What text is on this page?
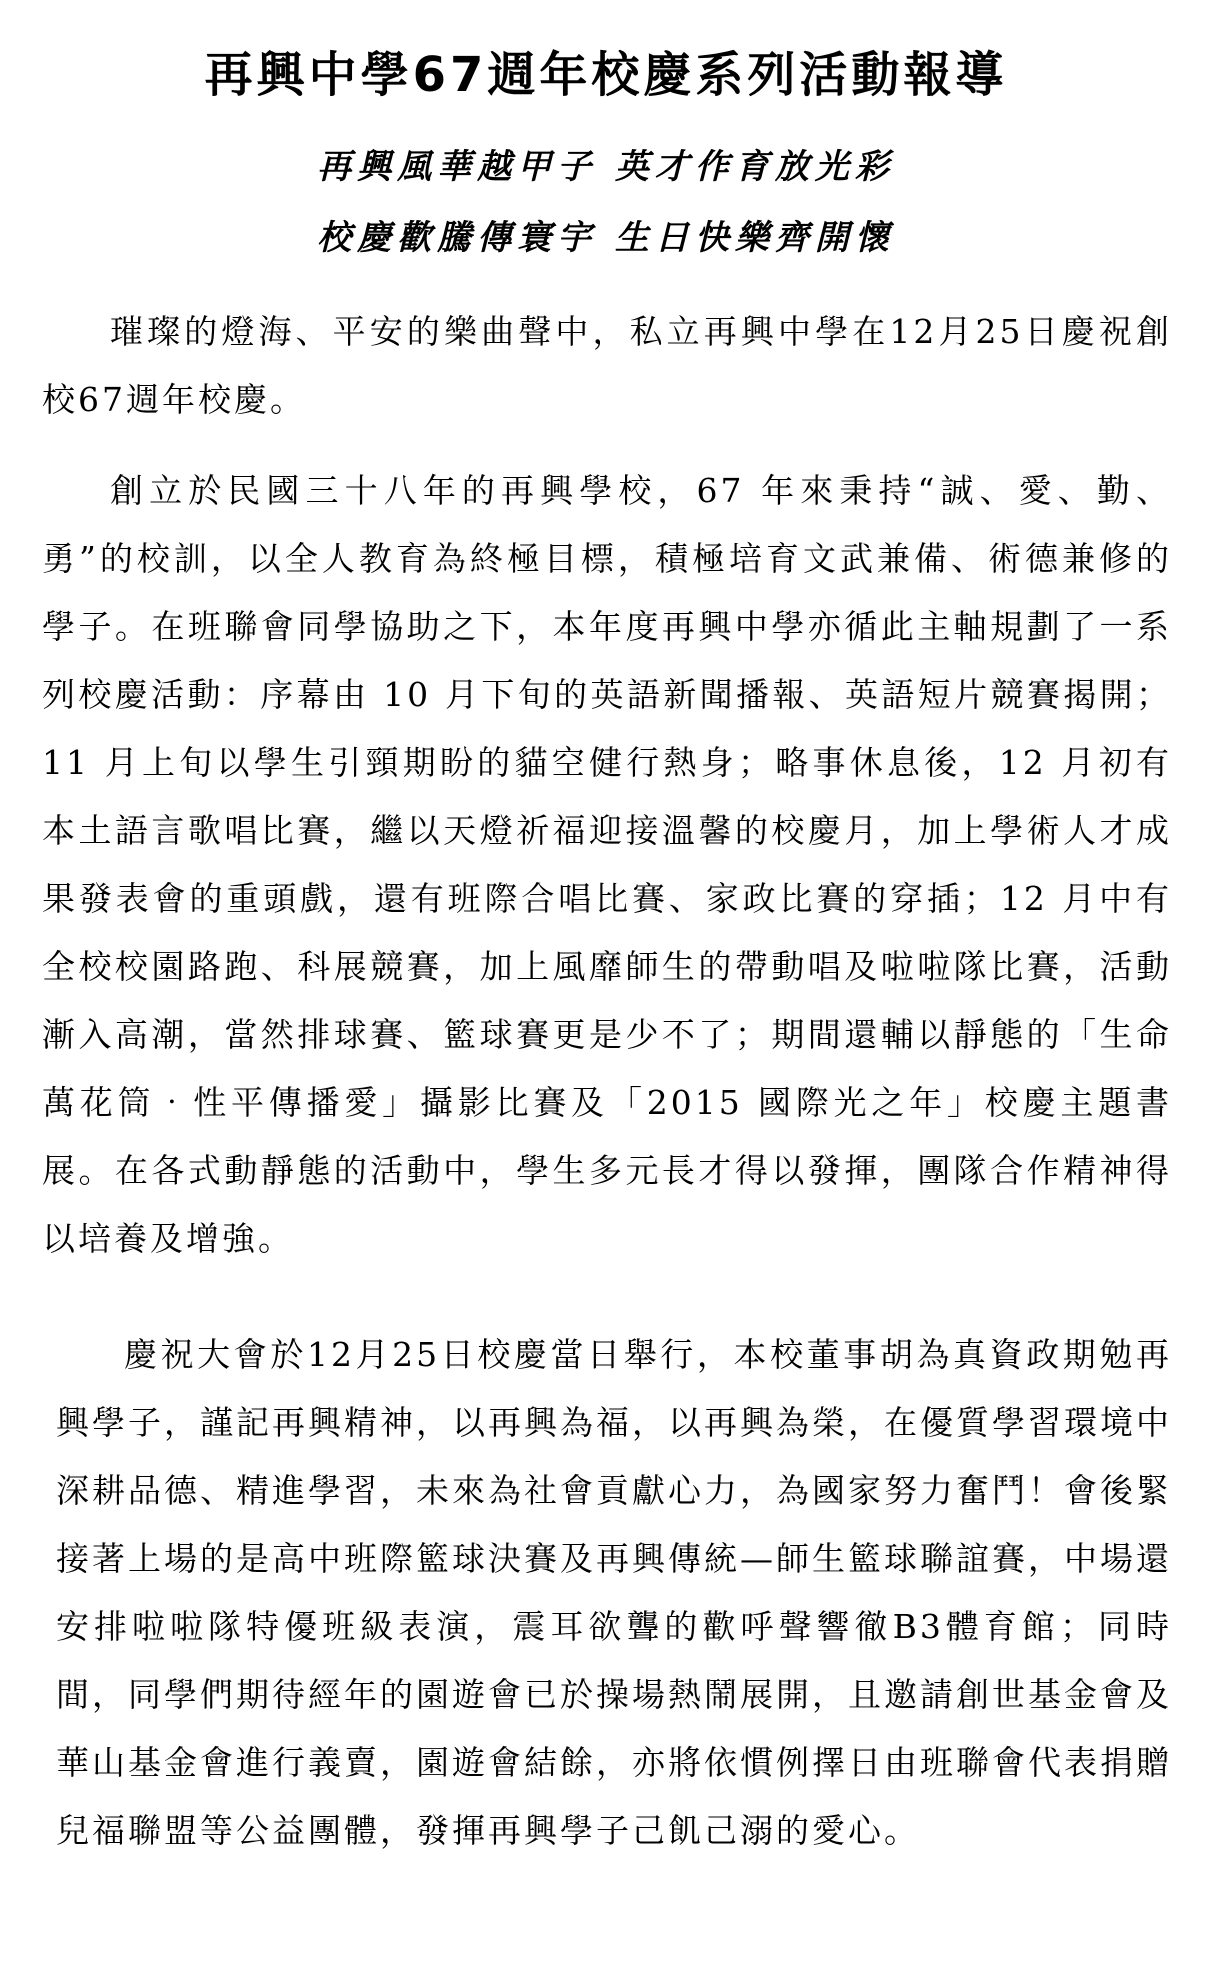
再興中學67週年校慶系列活動報導

再興風華越甲子 英才作育放光彩

校慶歡騰傳寰宇 生日快樂齊開懷

璀璨的燈海、平安的樂曲聲中，私立再興中學在12月25日慶祝創校67週年校慶。

創立於民國三十八年的再興學校，67 年來秉持“誠、愛、勤、勇”的校訓，以全人教育為終極目標，積極培育文武兼備、術德兼修的學子。在班聯會同學協助之下，本年度再興中學亦循此主軸規劃了一系列校慶活動：序幕由 10 月下旬的英語新聞播報、英語短片競賽揭開；11 月上旬以學生引頸期盼的貓空健行熱身；略事休息後，12 月初有本土語言歌唱比賽，繼以天燈祈福迎接溫馨的校慶月，加上學術人才成果發表會的重頭戲，還有班際合唱比賽、家政比賽的穿插；12 月中有全校校園路跑、科展競賽，加上風靡師生的帶動唱及啦啦隊比賽，活動漸入高潮，當然排球賽、籃球賽更是少不了；期間還輔以靜態的「生命萬花筒‧性平傳播愛」攝影比賽及「2015 國際光之年」校慶主題書展。在各式動靜態的活動中，學生多元長才得以發揮，團隊合作精神得以培養及增強。

慶祝大會於12月25日校慶當日舉行，本校董事胡為真資政期勉再興學子，謹記再興精神，以再興為福，以再興為榮，在優質學習環境中深耕品德、精進學習，未來為社會貢獻心力，為國家努力奮鬥！會後緊接著上場的是高中班際籃球決賽及再興傳統—師生籃球聯誼賽，中場還安排啦啦隊特優班級表演，震耳欲聾的歡呼聲響徹B3體育館；同時間，同學們期待經年的園遊會已於操場熱鬧展開，且邀請創世基金會及華山基金會進行義賣，園遊會結餘，亦將依慣例擇日由班聯會代表捐贈兒福聯盟等公益團體，發揮再興學子己飢己溺的愛心。
